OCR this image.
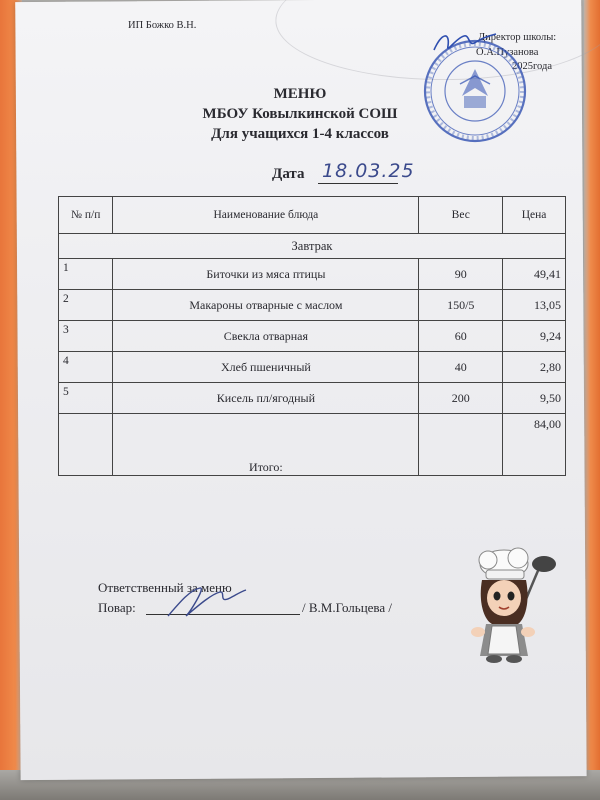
ИП Божко В.Н.
Директор школы:
О.А.Пузанова
2025года
МЕНЮ
МБОУ Ковылкинской СОШ
Для учащихся 1-4 классов
Дата 18.03.25
№ п/п	Наименование блюда	Вес	Цена
Завтрак			
1	Биточки из мяса птицы	90	49,41
2	Макароны отварные с маслом	150/5	13,05
3	Свекла отварная	60	9,24
4	Хлеб пшеничный	40	2,80
5	Кисель пл/ягодный	200	9,50
	Итого:		84,00
Ответственный за меню
Повар:	/ В.М.Гольцева /
